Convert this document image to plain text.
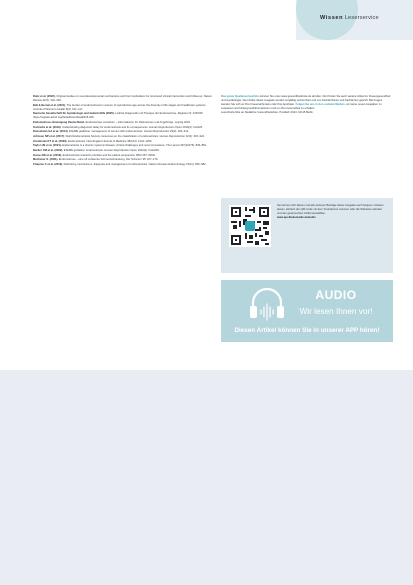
Wissen Leserservice

Dietz et al. (2022). Original studies on neurodevelopmental mechanisms and their implications for structured clinical intervention and follow-up. Nature Review 41(5): 332–339.

Bell & Bernal et al. (2021). The burden of endometriosis in women of reproductive age across the diversity of life stages and healthcare systems. Journal of Women's Health 8(3): 101–117.

Deutsche Gesellschaft für Gynäkologie und Geburtshilfe (2020). Leitlinie Diagnostik und Therapie der Endometriose. Register-Nr. 015/045. https://register.awmf.org/de/leitlinien/detail/015-045.

Endometriose-Vereinigung Deutschland. Endometriose verstehen – Informationen für Patientinnen und Angehörige. Leipzig 2022.

Koninckx et al. (2019). Understanding diagnostic delay for endometriosis and its consequences. Human Reproduction Open 2019(4): hoz026.

Dunselman GA et al. (2014). ESHRE guideline: management of women with endometriosis. Human Reproduction 29(3): 400–412.

Johnson NP et al. (2017). World Endometriosis Society consensus on the classification of endometriosis. Human Reproduction 32(2): 315–324.

Zondervan KT et al. (2020). Endometriosis. New England Journal of Medicine 382(13): 1244–1256.

Taylor HS et al. (2021). Endometriosis is a chronic systemic disease: clinical challenges and novel innovations. The Lancet 397(10276): 839–852.

Becker CM et al. (2022). ESHRE guideline: endometriosis. Human Reproduction Open 2022(2): hoac009.

Horne AW et al. (2019). Endometriosis research priorities and the patient perspective. BMJ 367: l6040.

Mechsner S. (2021). Endometriose – eine oft verkannte Schmerzerkrankung. Der Schmerz 35: 167–176.

Chapron C et al. (2019). Rethinking mechanisms, diagnosis and management of endometriosis. Nature Reviews Endocrinology 15(11): 666–682.

Das ganze Quellenverzeichnis können Sie unter www.gesundheitsbote.de abrufen. Dort finden Sie auch weitere Artikel zu Frauengesundheit und Gynäkologie. Die Inhalte dieser Ausgabe wurden sorgfältig recherchiert und von Fachärztinnen und Fachärzten geprüft. Bei Fragen wenden Sie sich an Ihre Frauenarztpraxis oder Ihre Apotheke. Folgen Sie uns in den sozialen Medien, um keine neuen Ausgaben zu verpassen und Hintergrundinformationen rund um Ihre Gesundheit zu erhalten.

Leserbriefe bitte an Redaktion Gesundheitsbote, Postfach 2024, 10115 Berlin.

Sie können sich diesen und alle weiteren Beiträge dieser Ausgabe auch bequem vorlesen lassen. Einfach den QR-Code mit dem Smartphone scannen oder die Webseite aufrufen und den gewünschten Artikel auswählen.

www.apothekenradio.de/audio

AUDIO
Wir lesen Ihnen vor!
Diesen Artikel können Sie in unserer APP hören!
